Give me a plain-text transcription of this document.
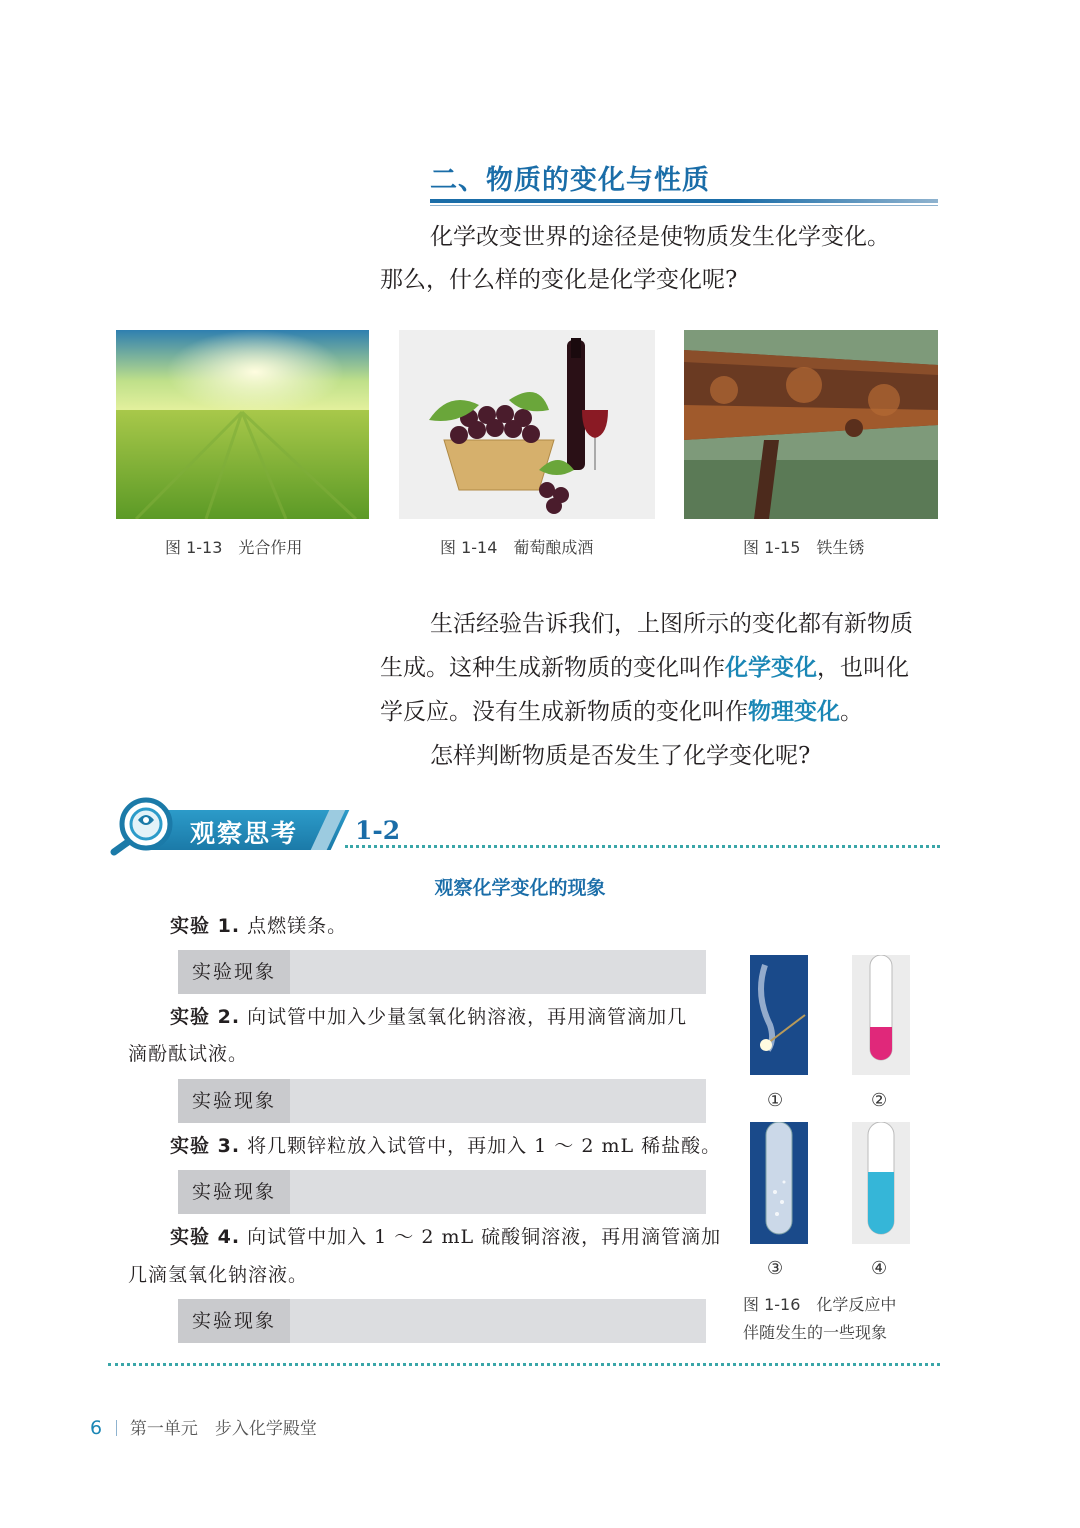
二、物质的变化与性质
化学改变世界的途径是使物质发生化学变化。
那么，什么样的变化是化学变化呢?
图 1-13　光合作用	图 1-14　葡萄酿成酒	图 1-15　铁生锈
生活经验告诉我们，上图所示的变化都有新物质
生成。这种生成新物质的变化叫作化学变化，也叫化
学反应。没有生成新物质的变化叫作物理变化。
怎样判断物质是否发生了化学变化呢?
观察思考 1-2
观察化学变化的现象
实验 1. 点燃镁条。
实验现象
实验 2. 向试管中加入少量氢氧化钠溶液，再用滴管滴加几
滴酚酞试液。
实验现象
实验 3. 将几颗锌粒放入试管中，再加入 1 ～ 2 mL 稀盐酸。
实验现象
实验 4. 向试管中加入 1 ～ 2 mL 硫酸铜溶液，再用滴管滴加
几滴氢氧化钠溶液。
实验现象
①	②
③	④
图 1-16　化学反应中
伴随发生的一些现象
6 第一单元　步入化学殿堂
